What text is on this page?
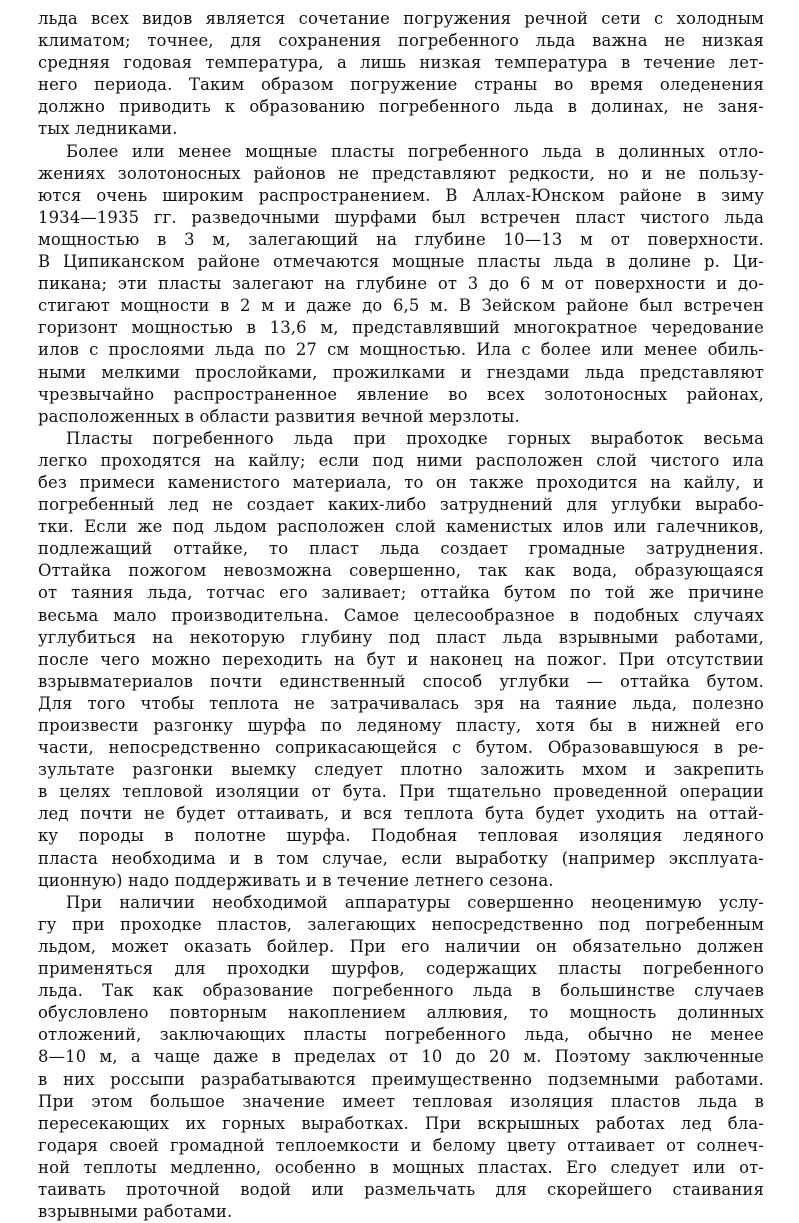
льда всех видов является сочетание погружения речной сети с холодным
климатом; точнее, для сохранения погребенного льда важна не низкая
средняя годовая температура, а лишь низкая температура в течение лет-
него периода. Таким образом погружение страны во время оледенения
должно приводить к образованию погребенного льда в долинах, не заня-
тых ледниками.
Более или менее мощные пласты погребенного льда в долинных отло-
жениях золотоносных районов не представляют редкости, но и не пользу-
ются очень широким распространением. В Аллах-Юнском районе в зиму
1934—1935 гг. разведочными шурфами был встречен пласт чистого льда
мощностью в 3 м, залегающий на глубине 10—13 м от поверхности.
В Ципиканском районе отмечаются мощные пласты льда в долине р. Ци-
пикана; эти пласты залегают на глубине от 3 до 6 м от поверхности и до-
стигают мощности в 2 м и даже до 6,5 м. В Зейском районе был встречен
горизонт мощностью в 13,6 м, представлявший многократное чередование
илов с прослоями льда по 27 см мощностью. Ила с более или менее обиль-
ными мелкими прослойками, прожилками и гнездами льда представляют
чрезвычайно распространенное явление во всех золотоносных районах,
расположенных в области развития вечной мерзлоты.
Пласты погребенного льда при проходке горных выработок весьма
легко проходятся на кайлу; если под ними расположен слой чистого ила
без примеси каменистого материала, то он также проходится на кайлу, и
погребенный лед не создает каких-либо затруднений для углубки вырабо-
тки. Если же под льдом расположен слой каменистых илов или галечников,
подлежащий оттайке, то пласт льда создает громадные затруднения.
Оттайка пожогом невозможна совершенно, так как вода, образующаяся
от таяния льда, тотчас его заливает; оттайка бутом по той же причине
весьма мало производительна. Самое целесообразное в подобных случаях
углубиться на некоторую глубину под пласт льда взрывными работами,
после чего можно переходить на бут и наконец на пожог. При отсутствии
взрывматериалов почти единственный способ углубки — оттайка бутом.
Для того чтобы теплота не затрачивалась зря на таяние льда, полезно
произвести разгонку шурфа по ледяному пласту, хотя бы в нижней его
части, непосредственно соприкасающейся с бутом. Образовавшуюся в ре-
зультате разгонки выемку следует плотно заложить мхом и закрепить
в целях тепловой изоляции от бута. При тщательно проведенной операции
лед почти не будет оттаивать, и вся теплота бута будет уходить на оттай-
ку породы в полотне шурфа. Подобная тепловая изоляция ледяного
пласта необходима и в том случае, если выработку (например эксплуата-
ционную) надо поддерживать и в течение летнего сезона.
При наличии необходимой аппаратуры совершенно неоценимую услу-
гу при проходке пластов, залегающих непосредственно под погребенным
льдом, может оказать бойлер. При его наличии он обязательно должен
применяться для проходки шурфов, содержащих пласты погребенного
льда. Так как образование погребенного льда в большинстве случаев
обусловлено повторным накоплением аллювия, то мощность долинных
отложений, заключающих пласты погребенного льда, обычно не менее
8—10 м, а чаще даже в пределах от 10 до 20 м. Поэтому заключенные
в них россыпи разрабатываются преимущественно подземными работами.
При этом большое значение имеет тепловая изоляция пластов льда в
пересекающих их горных выработках. При вскрышных работах лед бла-
годаря своей громадной теплоемкости и белому цвету оттаивает от солнеч-
ной теплоты медленно, особенно в мощных пластах. Его следует или от-
таивать проточной водой или размельчать для скорейшего стаивания
взрывными работами.
